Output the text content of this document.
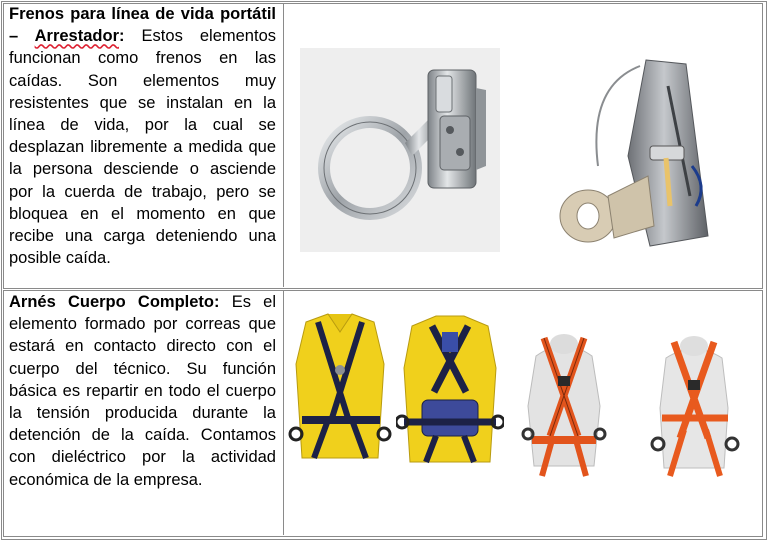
Frenos para línea de vida portátil – Arrestador: Estos elementos funcionan como frenos en las caídas. Son elementos muy resistentes que se instalan en la línea de vida, por la cual se desplazan libremente a medida que la persona desciende o asciende por la cuerda de trabajo, pero se bloquea en el momento en que recibe una carga deteniendo una posible caída.
Arnés Cuerpo Completo: Es el elemento formado por correas que estará en contacto directo con el cuerpo del técnico. Su función básica es repartir en todo el cuerpo la tensión producida durante la detención de la caída. Contamos con dieléctrico por la actividad económica de la empresa.
